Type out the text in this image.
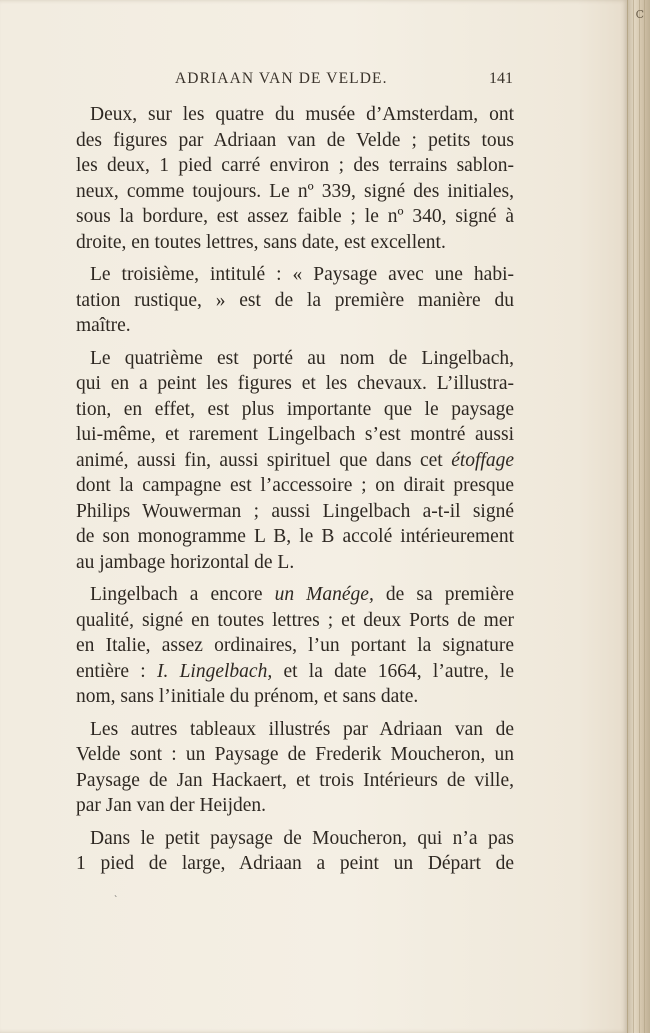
ADRIAAN VAN DE VELDE.	141
Deux, sur les quatre du musée d’Amsterdam, ont
des figures par Adriaan van de Velde ; petits tous
les deux, 1 pied carré environ ; des terrains sablon-
neux, comme toujours. Le nº 339, signé des initiales,
sous la bordure, est assez faible ; le nº 340, signé à
droite, en toutes lettres, sans date, est excellent.
Le troisième, intitulé : « Paysage avec une habi-
tation rustique, » est de la première manière du
maître.
Le quatrième est porté au nom de Lingelbach,
qui en a peint les figures et les chevaux. L’illustra-
tion, en effet, est plus importante que le paysage
lui-même, et rarement Lingelbach s’est montré aussi
animé, aussi fin, aussi spirituel que dans cet étoffage
dont la campagne est l’accessoire ; on dirait presque
Philips Wouwerman ; aussi Lingelbach a-t-il signé
de son monogramme L B, le B accolé intérieurement
au jambage horizontal de L.
Lingelbach a encore un Manége, de sa première
qualité, signé en toutes lettres ; et deux Ports de mer
en Italie, assez ordinaires, l’un portant la signature
entière : I. Lingelbach, et la date 1664, l’autre, le
nom, sans l’initiale du prénom, et sans date.
Les autres tableaux illustrés par Adriaan van de
Velde sont : un Paysage de Frederik Moucheron, un
Paysage de Jan Hackaert, et trois Intérieurs de ville,
par Jan van der Heijden.
Dans le petit paysage de Moucheron, qui n’a pas
1 pied de large, Adriaan a peint un Départ de
ˋ
C
